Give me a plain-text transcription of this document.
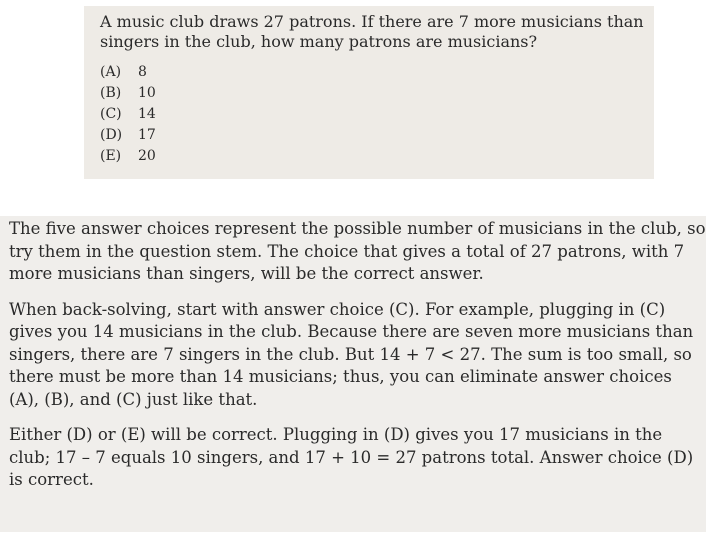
A music club draws 27 patrons. If there are 7 more musicians than singers in the club, how many patrons are musicians?

(A)	8
(B)	10
(C)	14
(D)	17
(E)	20

The five answer choices represent the possible number of musicians in the club, so try them in the question stem. The choice that gives a total of 27 patrons, with 7 more musicians than singers, will be the correct answer.

When back-solving, start with answer choice (C). For example, plugging in (C) gives you 14 musicians in the club. Because there are seven more musicians than singers, there are 7 singers in the club. But 14 + 7 < 27. The sum is too small, so there must be more than 14 musicians; thus, you can eliminate answer choices (A), (B), and (C) just like that.

Either (D) or (E) will be correct. Plugging in (D) gives you 17 musicians in the club; 17 – 7 equals 10 singers, and 17 + 10 = 27 patrons total. Answer choice (D) is correct.
